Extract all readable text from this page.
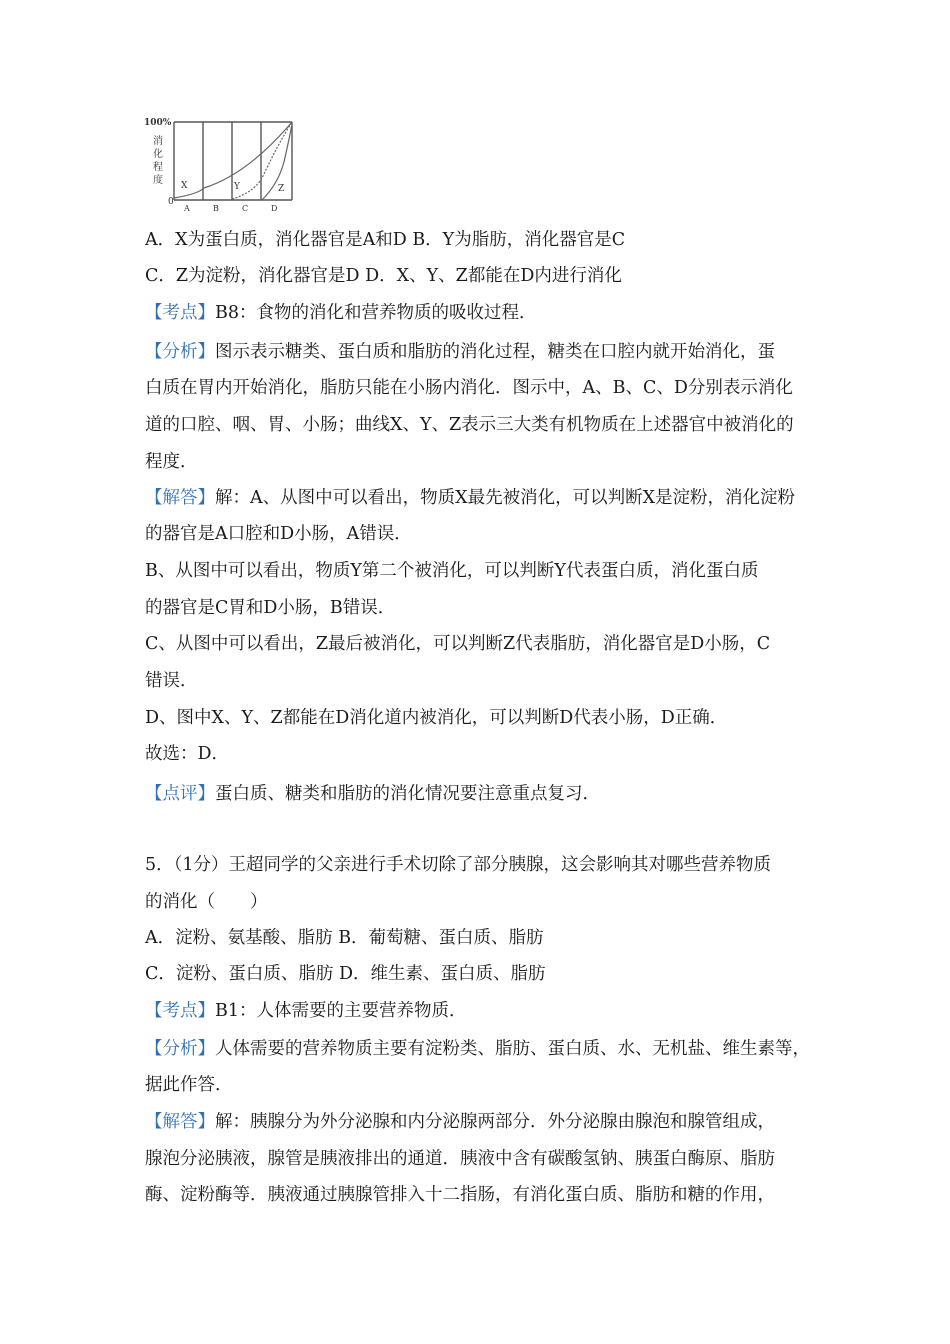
100%
消
化
程
度
0
X	Y	Z
A	B	C	D
A．X为蛋白质，消化器官是A和D B．Y为脂肪，消化器官是C
C．Z为淀粉，消化器官是D D．X、Y、Z都能在D内进行消化
【考点】B8：食物的消化和营养物质的吸收过程．
【分析】图示表示糖类、蛋白质和脂肪的消化过程，糖类在口腔内就开始消化，蛋
白质在胃内开始消化，脂肪只能在小肠内消化．图示中，A、B、C、D分别表示消化
道的口腔、咽、胃、小肠；曲线X、Y、Z表示三大类有机物质在上述器官中被消化的
程度．
【解答】解：A、从图中可以看出，物质X最先被消化，可以判断X是淀粉，消化淀粉
的器官是A口腔和D小肠，A错误．
B、从图中可以看出，物质Y第二个被消化，可以判断Y代表蛋白质，消化蛋白质
的器官是C胃和D小肠，B错误．
C、从图中可以看出，Z最后被消化，可以判断Z代表脂肪，消化器官是D小肠，C
错误．
D、图中X、Y、Z都能在D消化道内被消化，可以判断D代表小肠，D正确．
故选：D．
【点评】蛋白质、糖类和脂肪的消化情况要注意重点复习．
5．（1分）王超同学的父亲进行手术切除了部分胰腺，这会影响其对哪些营养物质
的消化（　　）
A．淀粉、氨基酸、脂肪 B．葡萄糖、蛋白质、脂肪
C．淀粉、蛋白质、脂肪 D．维生素、蛋白质、脂肪
【考点】B1：人体需要的主要营养物质．
【分析】人体需要的营养物质主要有淀粉类、脂肪、蛋白质、水、无机盐、维生素等，
据此作答．
【解答】解：胰腺分为外分泌腺和内分泌腺两部分．外分泌腺由腺泡和腺管组成，
腺泡分泌胰液，腺管是胰液排出的通道．胰液中含有碳酸氢钠、胰蛋白酶原、脂肪
酶、淀粉酶等．胰液通过胰腺管排入十二指肠，有消化蛋白质、脂肪和糖的作用，
